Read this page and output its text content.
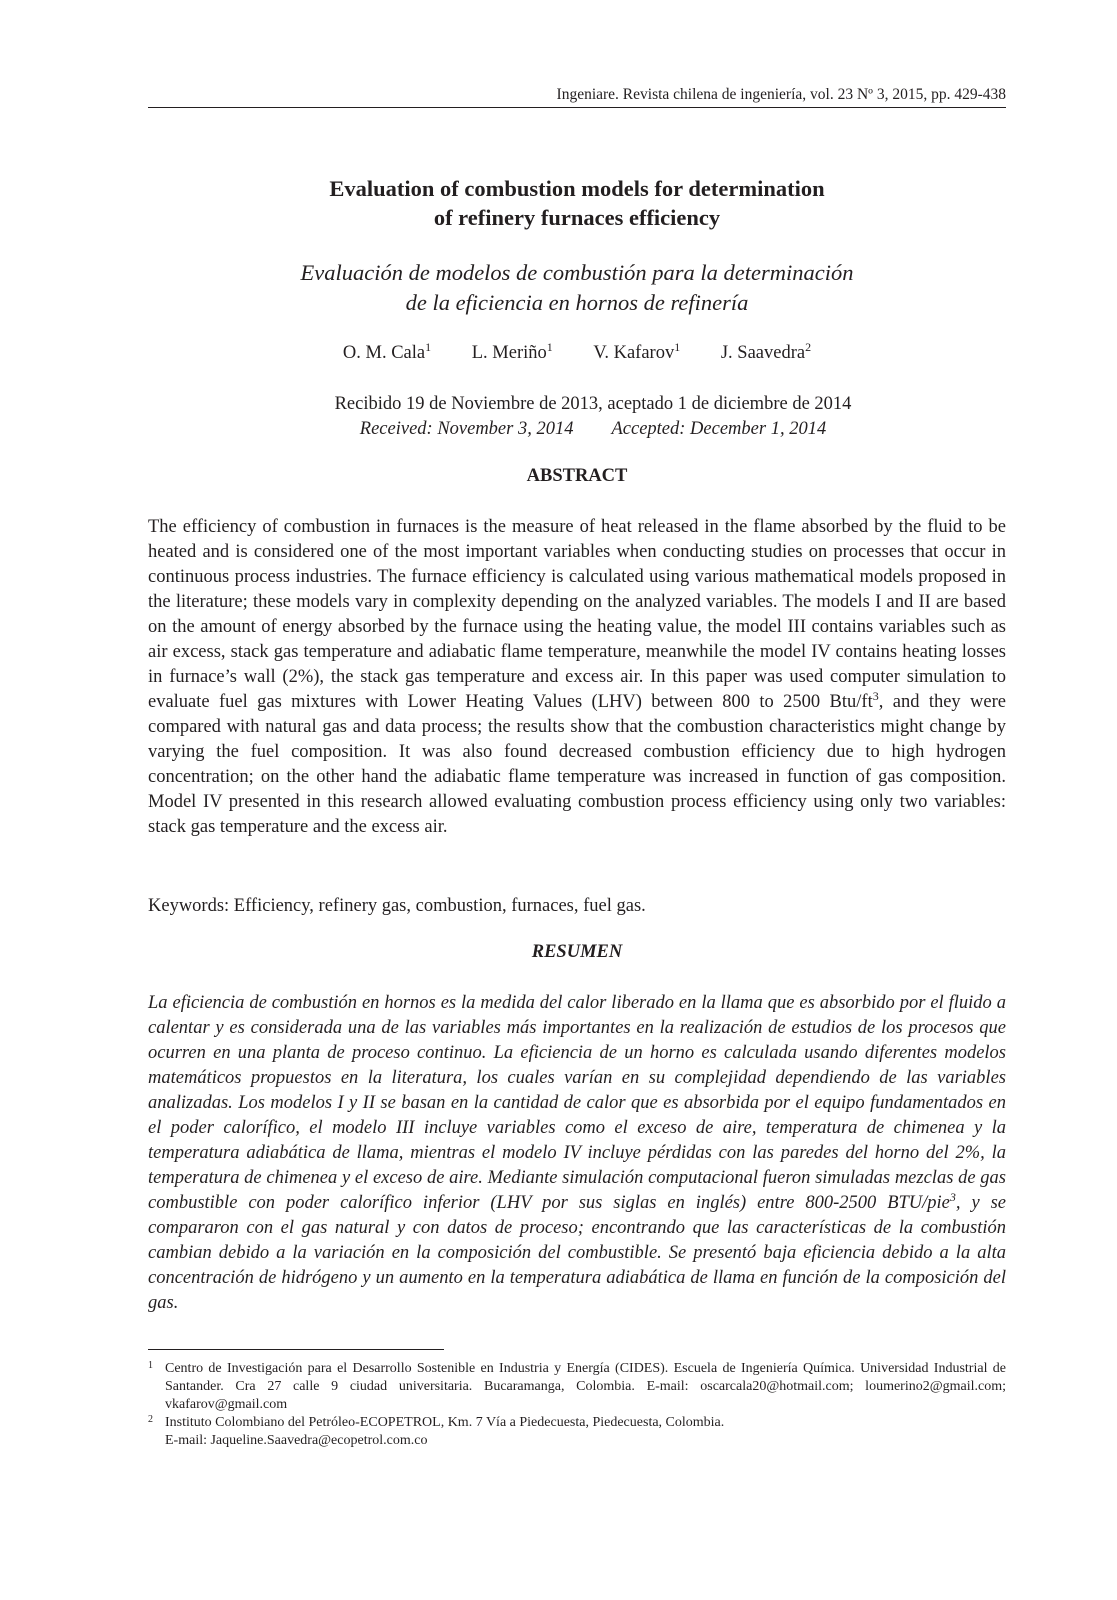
Ingeniare. Revista chilena de ingeniería, vol. 23 Nº 3, 2015, pp. 429-438
Evaluation of combustion models for determination
of refinery furnaces efficiency
Evaluación de modelos de combustión para la determinación
de la eficiencia en hornos de refinería
O. M. Cala$^1$ L. Meriño$^1$ V. Kafarov$^1$ J. Saavedra$^2$
Recibido 19 de Noviembre de 2013, aceptado 1 de diciembre de 2014
Received: November 3, 2014 Accepted: December 1, 2014
ABSTRACT

The efficiency of combustion in furnaces is the measure of heat released in the flame absorbed by the fluid to be heated and is considered one of the most important variables when conducting studies on processes that occur in continuous process industries. The furnace efficiency is calculated using various mathematical models proposed in the literature; these models vary in complexity depending on the analyzed variables. The models I and II are based on the amount of energy absorbed by the furnace using the heating value, the model III contains variables such as air excess, stack gas temperature and adiabatic flame temperature, meanwhile the model IV contains heating losses in furnace’s wall (2%), the stack gas temperature and excess air. In this paper was used computer simulation to evaluate fuel gas mixtures with Lower Heating Values (LHV) between 800 to 2500 Btu/$ft^3$, and they were compared with natural gas and data process; the results show that the combustion characteristics might change by varying the fuel composition. It was also found decreased combustion efficiency due to high hydrogen concentration; on the other hand the adiabatic flame temperature was increased in function of gas composition. Model IV presented in this research allowed evaluating combustion process efficiency using only two variables: stack gas temperature and the excess air.

Keywords: Efficiency, refinery gas, combustion, furnaces, fuel gas.
RESUMEN

La eficiencia de combustión en hornos es la medida del calor liberado en la llama que es absorbido por el fluido a calentar y es considerada una de las variables más importantes en la realización de estudios de los procesos que ocurren en una planta de proceso continuo. La eficiencia de un horno es calculada usando diferentes modelos matemáticos propuestos en la literatura, los cuales varían en su complejidad dependiendo de las variables analizadas. Los modelos I y II se basan en la cantidad de calor que es absorbida por el equipo fundamentados en el poder calorífico, el modelo III incluye variables como el exceso de aire, temperatura de chimenea y la temperatura adiabática de llama, mientras el modelo IV incluye pérdidas con las paredes del horno del 2%, la temperatura de chimenea y el exceso de aire. Mediante simulación computacional fueron simuladas mezclas de gas combustible con poder calorífico inferior (LHV por sus siglas en inglés) entre 800-2500 BTU/pie$^3$, y se compararon con el gas natural y con datos de proceso; encontrando que las características de la combustión cambian debido a la variación en la composición del combustible. Se presentó baja eficiencia debido a la alta concentración de hidrógeno y un aumento en la temperatura adiabática de llama en función de la composición del gas.

1 Centro de Investigación para el Desarrollo Sostenible en Industria y Energía (CIDES). Escuela de Ingeniería Química. Universidad Industrial de Santander. Cra 27 calle 9 ciudad universitaria. Bucaramanga, Colombia. E-mail: oscarcala20@hotmail.com; loumerino2@gmail.com; vkafarov@gmail.com
2 Instituto Colombiano del Petróleo-ECOPETROL, Km. 7 Vía a Piedecuesta, Piedecuesta, Colombia.
E-mail: Jaqueline.Saavedra@ecopetrol.com.co
